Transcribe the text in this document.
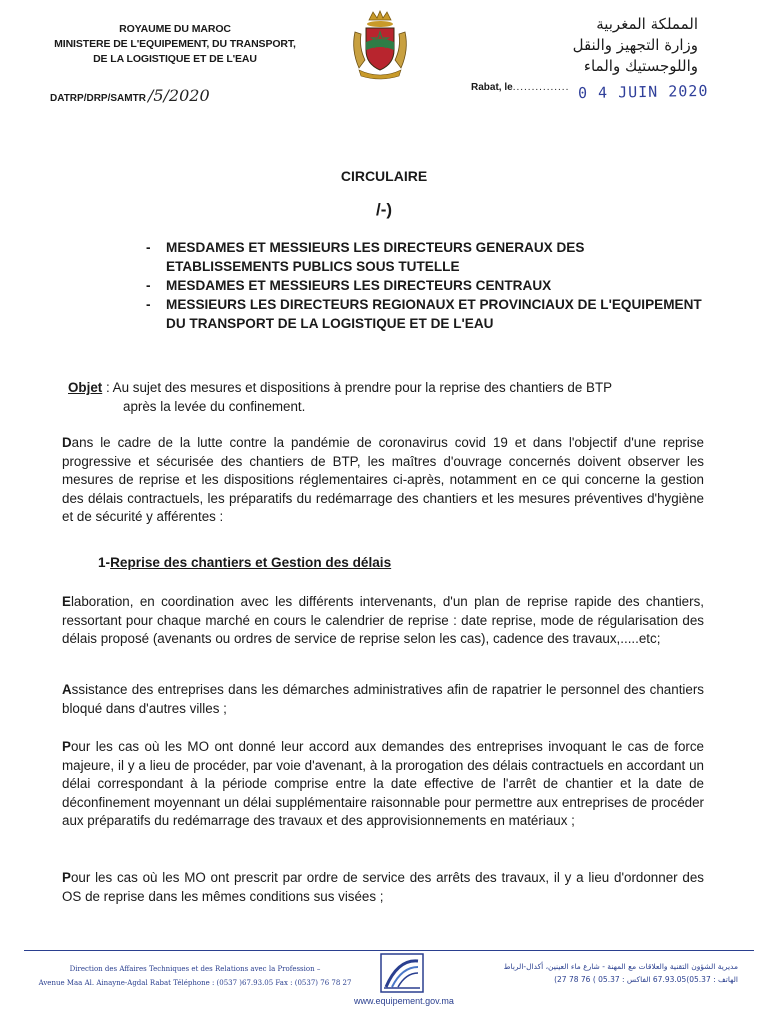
ROYAUME DU MAROC
MINISTERE DE L'EQUIPEMENT, DU TRANSPORT,
DE LA LOGISTIQUE ET DE L'EAU
DATRP/DRP/SAMTR /5/2020
المملكة المغربية
وزارة التجهيز والنقل
واللوجستيك والماء
Rabat, le............... 0 4 JUIN 2020
CIRCULAIRE
/-)
- MESDAMES ET MESSIEURS LES DIRECTEURS GENERAUX DES ETABLISSEMENTS PUBLICS SOUS TUTELLE
- MESDAMES ET MESSIEURS LES DIRECTEURS CENTRAUX
- MESSIEURS LES DIRECTEURS REGIONAUX ET PROVINCIAUX DE L'EQUIPEMENT DU TRANSPORT DE LA LOGISTIQUE ET DE L'EAU
Objet : Au sujet des mesures et dispositions à prendre pour la reprise des chantiers de BTP
après la levée du confinement.

Dans le cadre de la lutte contre la pandémie de coronavirus covid 19 et dans l'objectif d'une reprise progressive et sécurisée des chantiers de BTP, les maîtres d'ouvrage concernés doivent observer les mesures de reprise et les dispositions réglementaires ci-après, notamment en ce qui concerne la gestion des délais contractuels, les préparatifs du redémarrage des chantiers et les mesures préventives d'hygiène et de sécurité y afférentes :

1-Reprise des chantiers et Gestion des délais

Elaboration, en coordination avec les différents intervenants, d'un plan de reprise rapide des chantiers, ressortant pour chaque marché en cours le calendrier de reprise : date reprise, mode de régularisation des délais proposé (avenants ou ordres de service de reprise selon les cas), cadence des travaux,.....etc;

Assistance des entreprises dans les démarches administratives afin de rapatrier le personnel des chantiers bloqué dans d'autres villes ;

Pour les cas où les MO ont donné leur accord aux demandes des entreprises invoquant le cas de force majeure, il y a lieu de procéder, par voie d'avenant, à la prorogation des délais contractuels en accordant un délai correspondant à la période comprise entre la date effective de l'arrêt de chantier et la date de déconfinement moyennant un délai supplémentaire raisonnable pour permettre aux entreprises de procéder aux préparatifs du redémarrage des travaux et des approvisionnements en matériaux ;

Pour les cas où les MO ont prescrit par ordre de service des arrêts des travaux, il y a lieu d'ordonner des OS de reprise dans les mêmes conditions sus visées ;

Direction des Affaires Techniques et des Relations avec la Profession –
Avenue Maa Al. Ainayne-Agdal Rabat Téléphone : (0537 )67.93.05 Fax : (0537) 76 78 27
www.equipement.gov.ma
مديرية الشؤون التقنية والعلاقات مع المهنة - شارع ماء العينين، أكدال-الرباط
الهاتف : 05.37)67.93.05 الفاكس : 05.37 ) 76 78 27)
